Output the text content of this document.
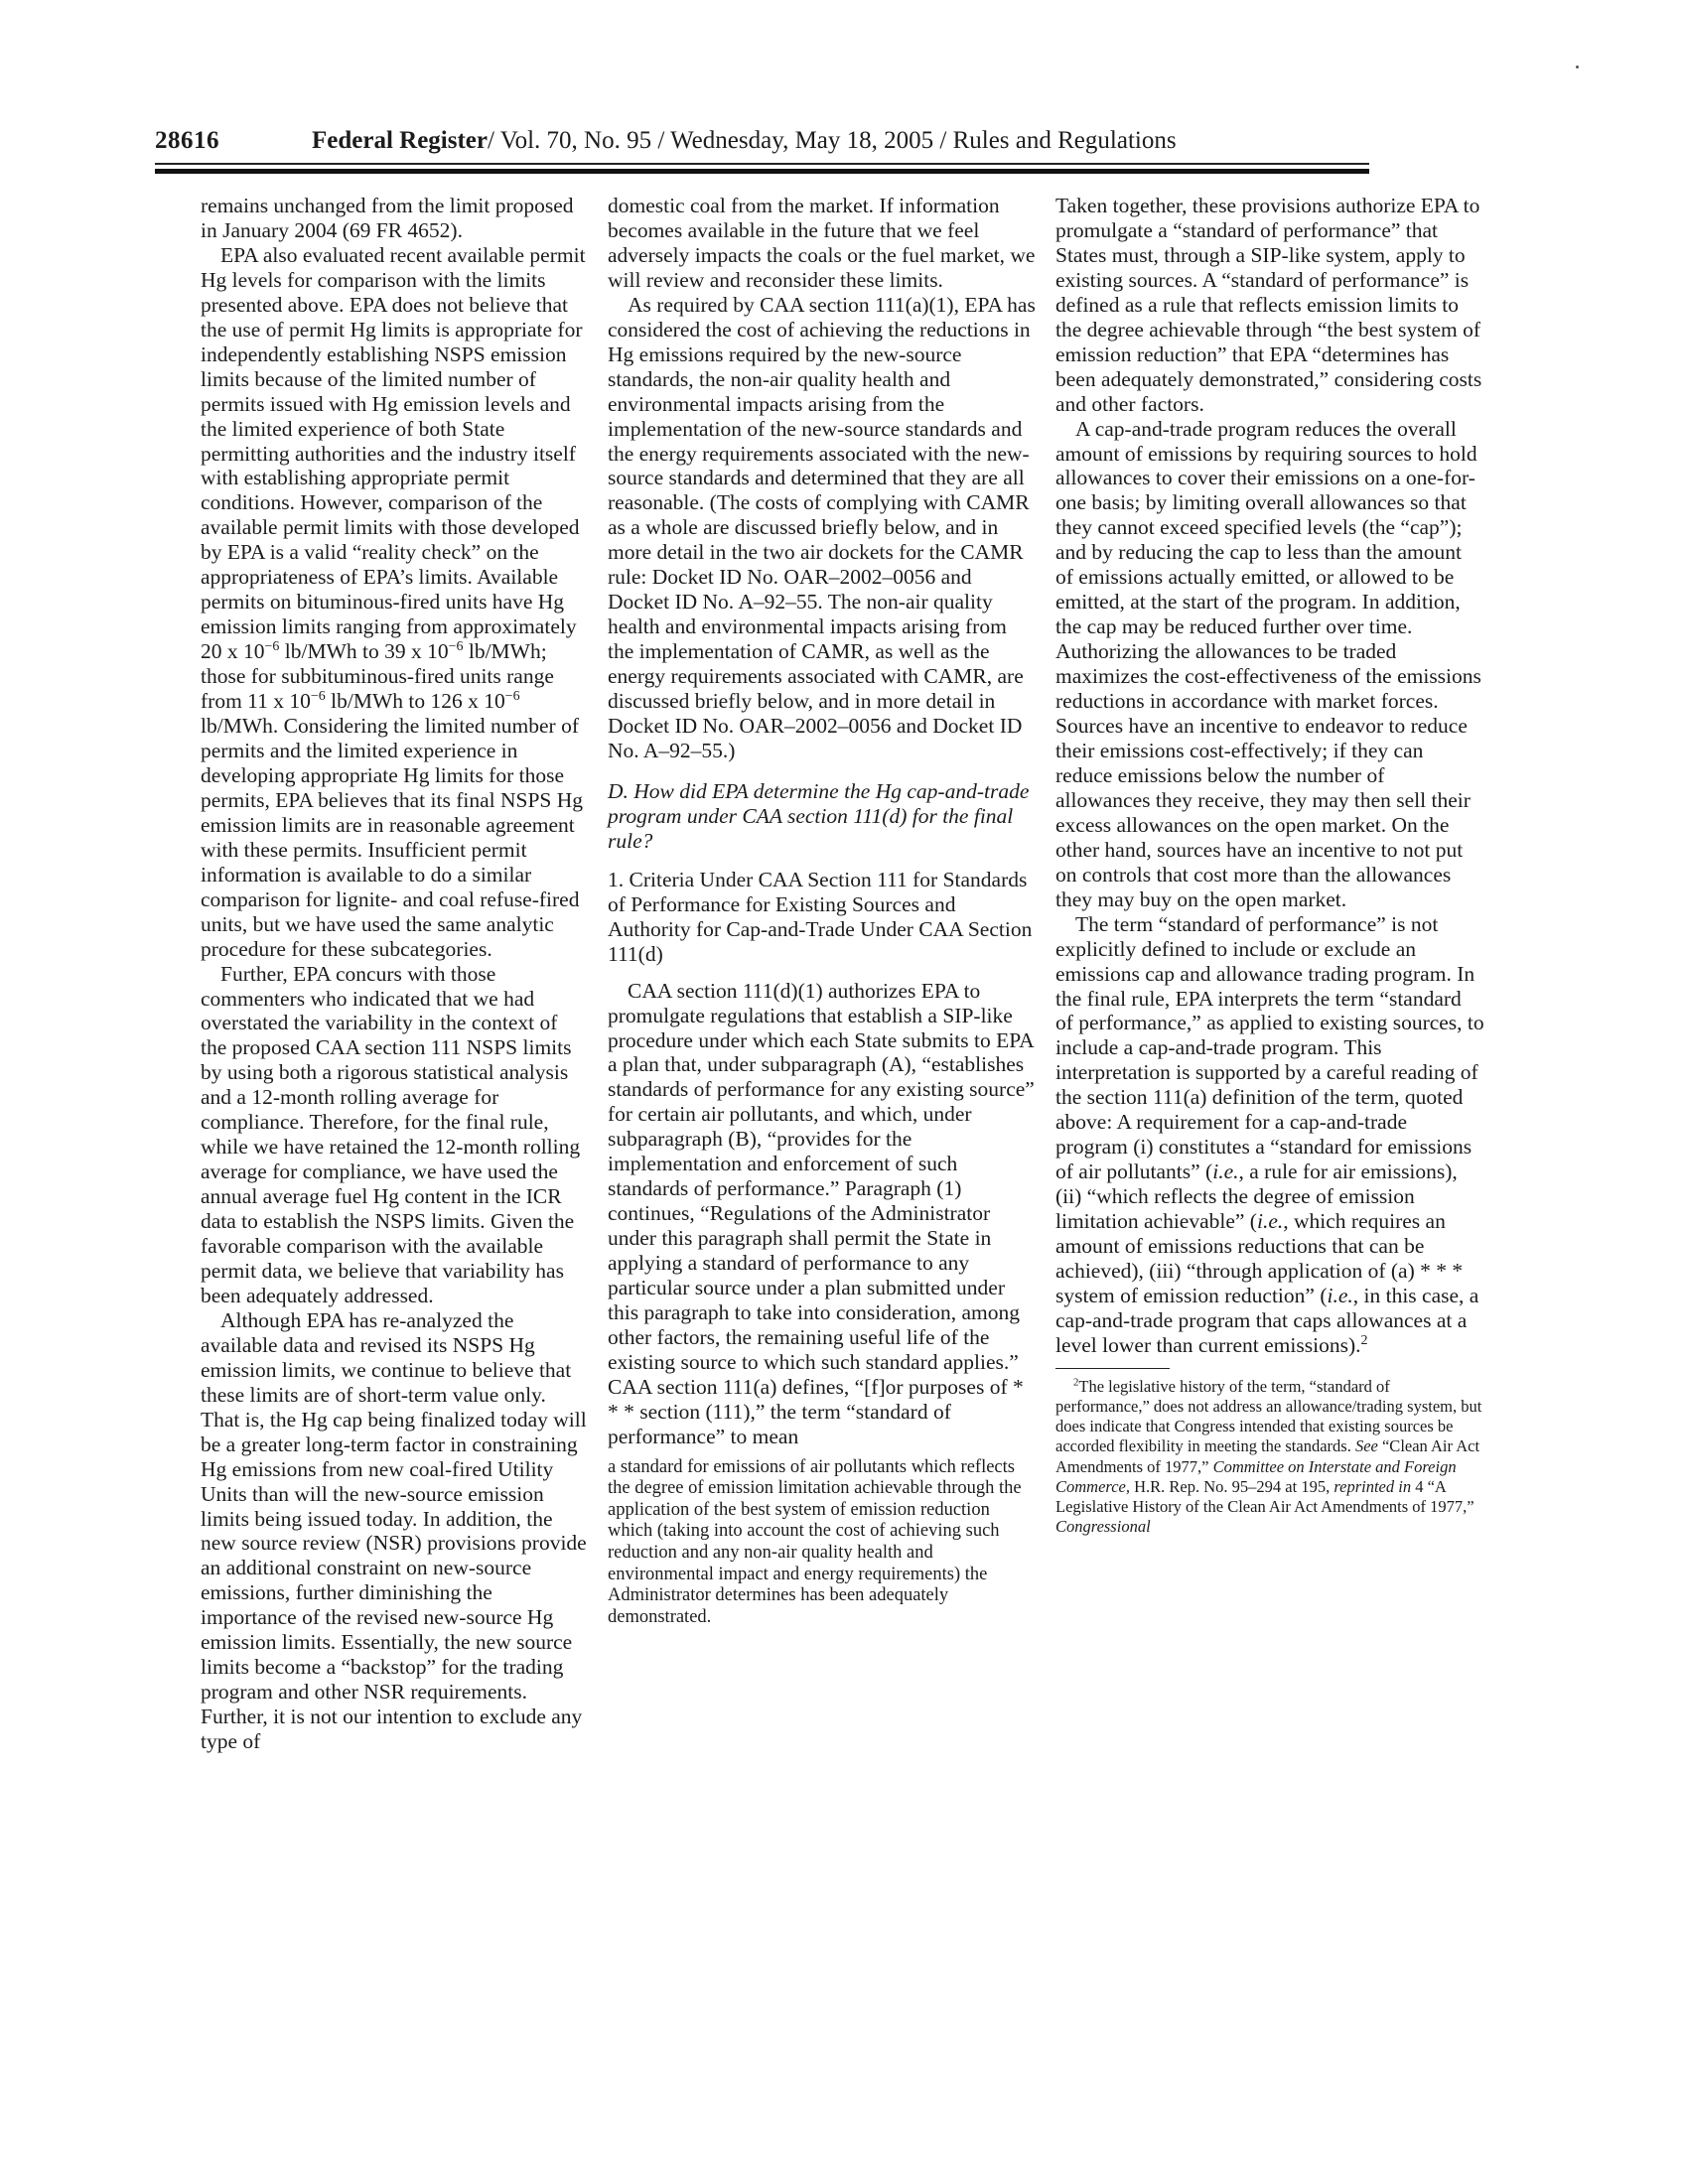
28616	Federal Register/ Vol. 70, No. 95 / Wednesday, May 18, 2005 / Rules and Regulations

remains unchanged from the limit proposed in January 2004 (69 FR 4652).

EPA also evaluated recent available permit Hg levels for comparison with the limits presented above. EPA does not believe that the use of permit Hg limits is appropriate for independently establishing NSPS emission limits because of the limited number of permits issued with Hg emission levels and the limited experience of both State permitting authorities and the industry itself with establishing appropriate permit conditions. However, comparison of the available permit limits with those developed by EPA is a valid “reality check” on the appropriateness of EPA’s limits. Available permits on bituminous-fired units have Hg emission limits ranging from approximately 20 x $10^{-6}$ lb/MWh to 39 x $10^{-6}$ lb/MWh; those for subbituminous-fired units range from 11 x $10^{-6}$ lb/MWh to 126 x $10^{-6}$ lb/MWh. Considering the limited number of permits and the limited experience in developing appropriate Hg limits for those permits, EPA believes that its final NSPS Hg emission limits are in reasonable agreement with these permits. Insufficient permit information is available to do a similar comparison for lignite- and coal refuse-fired units, but we have used the same analytic procedure for these subcategories.

Further, EPA concurs with those commenters who indicated that we had overstated the variability in the context of the proposed CAA section 111 NSPS limits by using both a rigorous statistical analysis and a 12-month rolling average for compliance. Therefore, for the final rule, while we have retained the 12-month rolling average for compliance, we have used the annual average fuel Hg content in the ICR data to establish the NSPS limits. Given the favorable comparison with the available permit data, we believe that variability has been adequately addressed.

Although EPA has re-analyzed the available data and revised its NSPS Hg emission limits, we continue to believe that these limits are of short-term value only. That is, the Hg cap being finalized today will be a greater long-term factor in constraining Hg emissions from new coal-fired Utility Units than will the new-source emission limits being issued today. In addition, the new source review (NSR) provisions provide an additional constraint on new-source emissions, further diminishing the importance of the revised new-source Hg emission limits. Essentially, the new source limits become a “backstop” for the trading program and other NSR requirements. Further, it is not our intention to exclude any type of

domestic coal from the market. If information becomes available in the future that we feel adversely impacts the coals or the fuel market, we will review and reconsider these limits.

As required by CAA section 111(a)(1), EPA has considered the cost of achieving the reductions in Hg emissions required by the new-source standards, the non-air quality health and environmental impacts arising from the implementation of the new-source standards and the energy requirements associated with the new-source standards and determined that they are all reasonable. (The costs of complying with CAMR as a whole are discussed briefly below, and in more detail in the two air dockets for the CAMR rule: Docket ID No. OAR–2002–0056 and Docket ID No. A–92–55. The non-air quality health and environmental impacts arising from the implementation of CAMR, as well as the energy requirements associated with CAMR, are discussed briefly below, and in more detail in Docket ID No. OAR–2002–0056 and Docket ID No. A–92–55.)

D. How did EPA determine the Hg cap-and-trade program under CAA section 111(d) for the final rule?

1. Criteria Under CAA Section 111 for Standards of Performance for Existing Sources and Authority for Cap-and-Trade Under CAA Section 111(d)

CAA section 111(d)(1) authorizes EPA to promulgate regulations that establish a SIP-like procedure under which each State submits to EPA a plan that, under subparagraph (A), “establishes standards of performance for any existing source” for certain air pollutants, and which, under subparagraph (B), “provides for the implementation and enforcement of such standards of performance.” Paragraph (1) continues, “Regulations of the Administrator under this paragraph shall permit the State in applying a standard of performance to any particular source under a plan submitted under this paragraph to take into consideration, among other factors, the remaining useful life of the existing source to which such standard applies.” CAA section 111(a) defines, “[f]or purposes of * * * section (111),” the term “standard of performance” to mean

a standard for emissions of air pollutants which reflects the degree of emission limitation achievable through the application of the best system of emission reduction which (taking into account the cost of achieving such reduction and any non-air quality health and environmental impact and energy requirements) the Administrator determines has been adequately demonstrated.

Taken together, these provisions authorize EPA to promulgate a “standard of performance” that States must, through a SIP-like system, apply to existing sources. A “standard of performance” is defined as a rule that reflects emission limits to the degree achievable through “the best system of emission reduction” that EPA “determines has been adequately demonstrated,” considering costs and other factors.

A cap-and-trade program reduces the overall amount of emissions by requiring sources to hold allowances to cover their emissions on a one-for-one basis; by limiting overall allowances so that they cannot exceed specified levels (the “cap”); and by reducing the cap to less than the amount of emissions actually emitted, or allowed to be emitted, at the start of the program. In addition, the cap may be reduced further over time. Authorizing the allowances to be traded maximizes the cost-effectiveness of the emissions reductions in accordance with market forces. Sources have an incentive to endeavor to reduce their emissions cost-effectively; if they can reduce emissions below the number of allowances they receive, they may then sell their excess allowances on the open market. On the other hand, sources have an incentive to not put on controls that cost more than the allowances they may buy on the open market.

The term “standard of performance” is not explicitly defined to include or exclude an emissions cap and allowance trading program. In the final rule, EPA interprets the term “standard of performance,” as applied to existing sources, to include a cap-and-trade program. This interpretation is supported by a careful reading of the section 111(a) definition of the term, quoted above: A requirement for a cap-and-trade program (i) constitutes a “standard for emissions of air pollutants” (i.e., a rule for air emissions), (ii) “which reflects the degree of emission limitation achievable” (i.e., which requires an amount of emissions reductions that can be achieved), (iii) “through application of (a) * * * system of emission reduction” (i.e., in this case, a cap-and-trade program that caps allowances at a level lower than current emissions).$^2$

$^2$The legislative history of the term, “standard of performance,” does not address an allowance/trading system, but does indicate that Congress intended that existing sources be accorded flexibility in meeting the standards. See “Clean Air Act Amendments of 1977,” Committee on Interstate and Foreign Commerce, H.R. Rep. No. 95–294 at 195, reprinted in 4 “A Legislative History of the Clean Air Act Amendments of 1977,” Congressional
